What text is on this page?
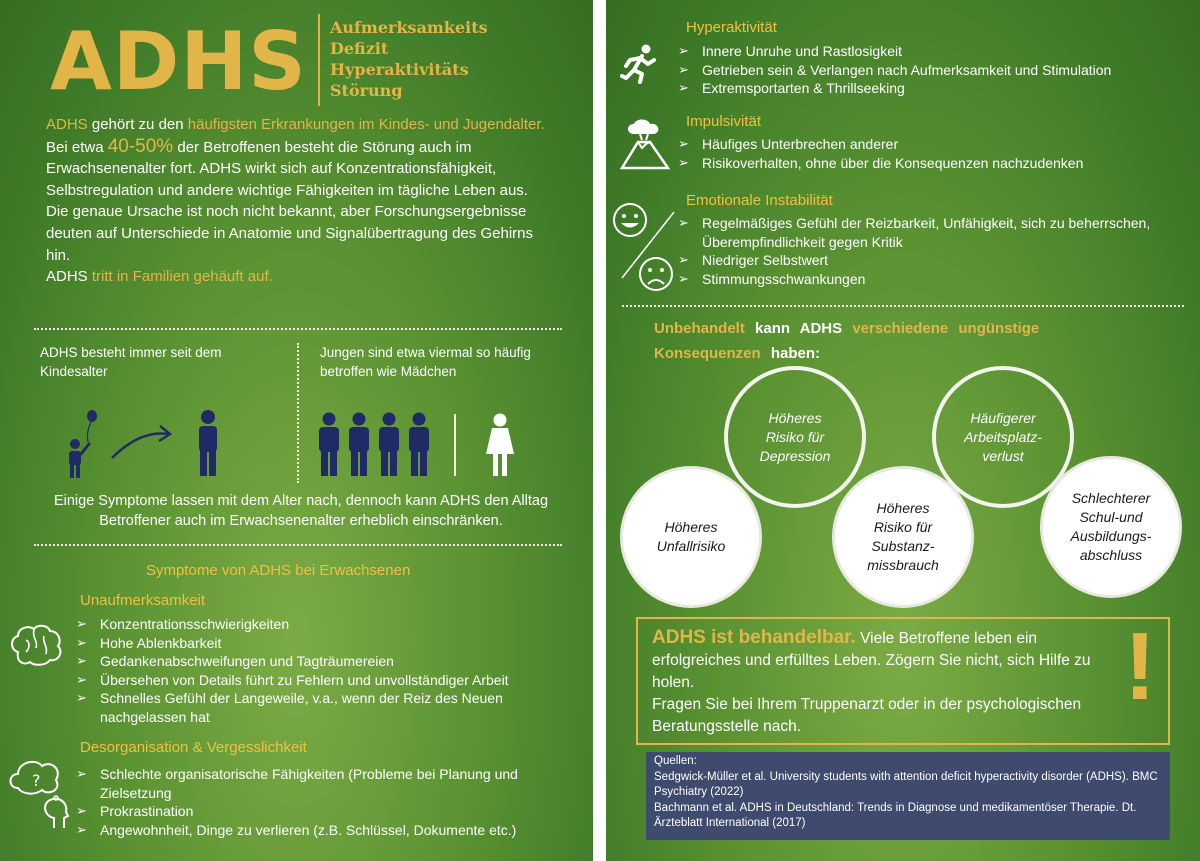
ADHS Aufmerksamkeits
Defizit
Hyperaktivitäts
Störung
ADHS gehört zu den häufigsten Erkrankungen im Kindes- und Jugendalter. Bei etwa 40-50% der Betroffenen besteht die Störung auch im Erwachsenenalter fort. ADHS wirkt sich auf Konzentrationsfähigkeit, Selbstregulation und andere wichtige Fähigkeiten im tägliche Leben aus. Die genaue Ursache ist noch nicht bekannt, aber Forschungsergebnisse deuten auf Unterschiede in Anatomie und Signalübertragung des Gehirns hin.
ADHS tritt in Familien gehäuft auf.
ADHS besteht immer seit dem Kindesalter
Jungen sind etwa viermal so häufig betroffen wie Mädchen
Einige Symptome lassen mit dem Alter nach, dennoch kann ADHS den Alltag Betroffener auch im Erwachsenenalter erheblich einschränken.
Symptome von ADHS bei Erwachsenen
Unaufmerksamkeit
➢ Konzentrationsschwierigkeiten
➢ Hohe Ablenkbarkeit
➢ Gedankenabschweifungen und Tagträumereien
➢ Übersehen von Details führt zu Fehlern und unvollständiger Arbeit
➢ Schnelles Gefühl der Langeweile, v.a., wenn der Reiz des Neuen nachgelassen hat
Desorganisation & Vergesslichkeit
?
➢	Schlechte organisatorische Fähigkeiten (Probleme bei Planung und Zielsetzung
➢ Prokrastination
➢ Angewohnheit, Dinge zu verlieren (z.B. Schlüssel, Dokumente etc.)
Hyperaktivität
➢ Innere Unruhe und Rastlosigkeit
➢ Getrieben sein & Verlangen nach Aufmerksamkeit und Stimulation
➢ Extremsportarten & Thrillseeking
Impulsivität
➢ Häufiges Unterbrechen anderer
➢ Risikoverhalten, ohne über die Konsequenzen nachzudenken
Emotionale Instabilität
➢ Regelmäßiges Gefühl der Reizbarkeit, Unfähigkeit, sich zu beherrschen, Überempfindlichkeit gegen Kritik
➢ Niedriger Selbstwert
➢ Stimmungsschwankungen
Unbehandelt kann ADHS verschiedene ungünstige Konsequenzen haben:
Höheres Risiko für Depression
Häufigerer Arbeitsplatz-verlust
Höheres Unfallrisiko
Höheres Risiko für Substanz-missbrauch
Schlechterer Schul-und Ausbildungs-abschluss
ADHS ist behandelbar. Viele Betroffene leben ein erfolgreiches und erfülltes Leben. Zögern Sie nicht, sich Hilfe zu holen.
Fragen Sie bei Ihrem Truppenarzt oder in der psychologischen Beratungsstelle nach.
!
Quellen:
Sedgwick-Müller et al. University students with attention deficit hyperactivity disorder (ADHS). BMC Psychiatry (2022)
Bachmann et al. ADHS in Deutschland: Trends in Diagnose und medikamentöser Therapie. Dt. Ärzteblatt International (2017)
